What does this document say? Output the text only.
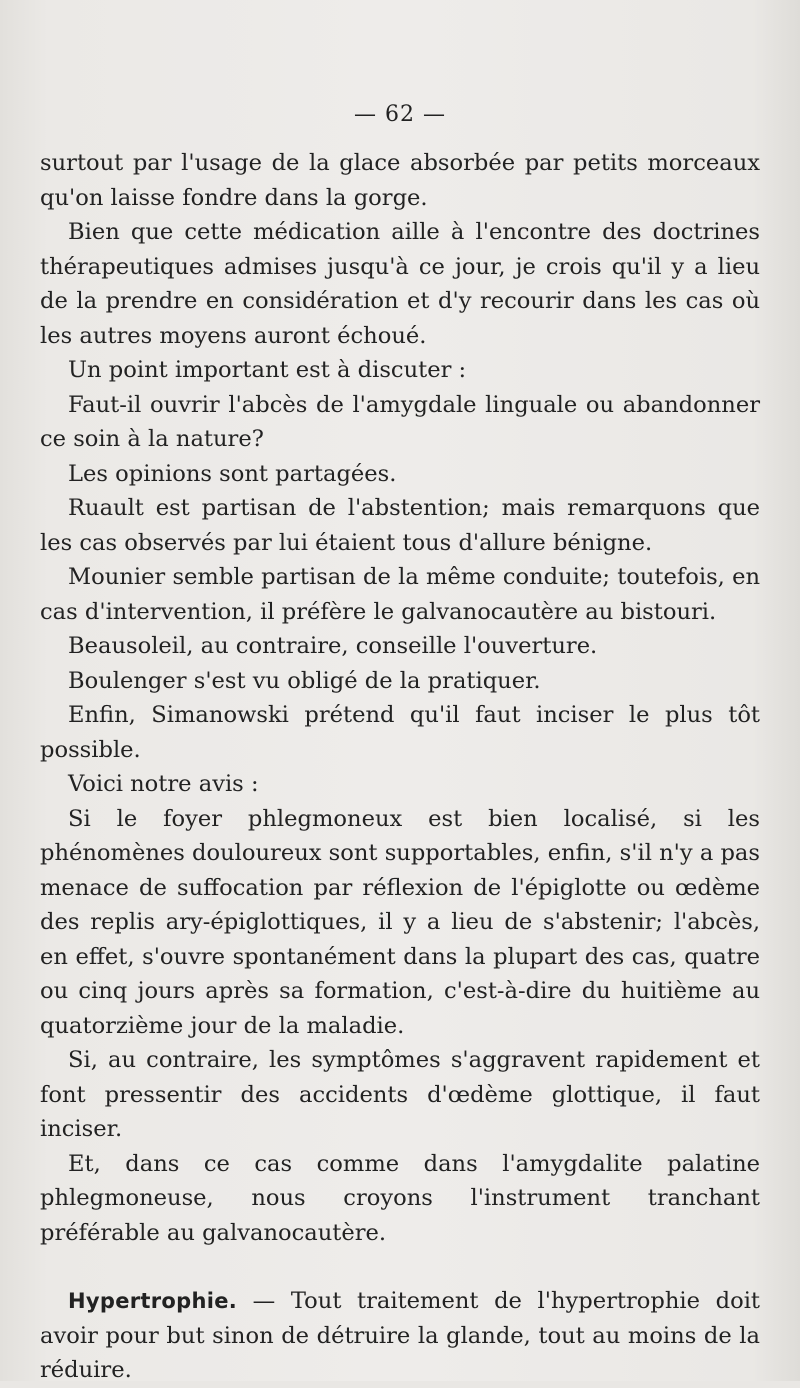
— 62 —

surtout par l'usage de la glace absorbée par petits morceaux qu'on laisse fondre dans la gorge.

Bien que cette médication aille à l'encontre des doctrines thérapeutiques admises jusqu'à ce jour, je crois qu'il y a lieu de la prendre en considération et d'y recourir dans les cas où les autres moyens auront échoué.

Un point important est à discuter :

Faut-il ouvrir l'abcès de l'amygdale linguale ou abandonner ce soin à la nature?

Les opinions sont partagées.

Ruault est partisan de l'abstention; mais remarquons que les cas observés par lui étaient tous d'allure bénigne.

Mounier semble partisan de la même conduite; toutefois, en cas d'intervention, il préfère le galvanocautère au bistouri.

Beausoleil, au contraire, conseille l'ouverture.

Boulenger s'est vu obligé de la pratiquer.

Enfin, Simanowski prétend qu'il faut inciser le plus tôt possible.

Voici notre avis :

Si le foyer phlegmoneux est bien localisé, si les phénomènes douloureux sont supportables, enfin, s'il n'y a pas menace de suffocation par réflexion de l'épiglotte ou œdème des replis ary-épiglottiques, il y a lieu de s'abstenir; l'abcès, en effet, s'ouvre spontanément dans la plupart des cas, quatre ou cinq jours après sa formation, c'est-à-dire du huitième au quatorzième jour de la maladie.

Si, au contraire, les symptômes s'aggravent rapidement et font pressentir des accidents d'œdème glottique, il faut inciser.

Et, dans ce cas comme dans l'amygdalite palatine phlegmoneuse, nous croyons l'instrument tranchant préférable au galvanocautère.

Hypertrophie. — Tout traitement de l'hypertrophie doit avoir pour but sinon de détruire la glande, tout au moins de la réduire.
